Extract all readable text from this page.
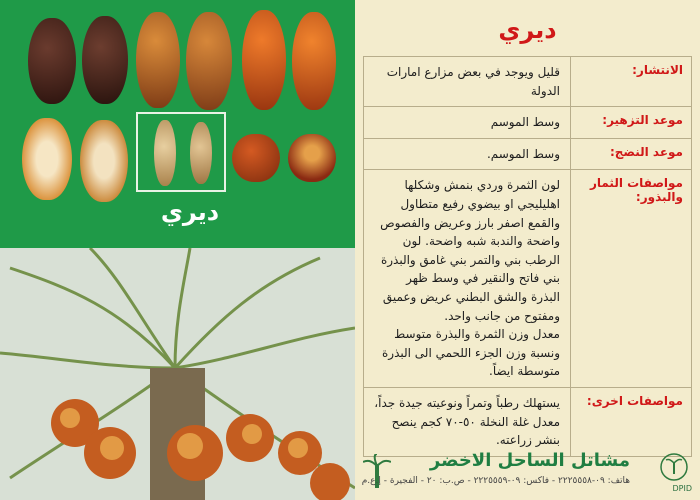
ديري
ديري
قليل ويوجد في بعض مزارع امارات الدولة
الانتشار:
وسط الموسم	موعد التزهير:
وسط الموسم.	موعد النضج:
لون الثمرة وردي بنمش وشكلها اهليليجي او بيضوي رفيع متطاول والقمع اصفر بارز وعريض والفصوص واضحة والندبة شبه واضحة. لون الرطب بني والتمر بني غامق والبذرة بني فاتح والنقير في وسط ظهر البذرة والشق البطني عريض وعميق ومفتوح من جانب واحد.
معدل وزن الثمرة والبذرة متوسط ونسبة وزن الجزء اللحمي الى البذرة متوسطة ايضاً.
مواصفات الثمار والبذور:
يستهلك رطباً وتمراً ونوعيته جيدة جداً، معدل غلة النخلة ٥٠-٧٠ كجم ينصح بنشر زراعته.
مواصفات اخرى:
مشاتل الساحل الاخضر
هاتف: ٠٩-٢٢٢٥٥٥٨ - فاكس: ٠٩-٢٢٢٥٥٥٩ - ص.ب: ٢٠ - الفجيرة - إ.ع.م
DPID
